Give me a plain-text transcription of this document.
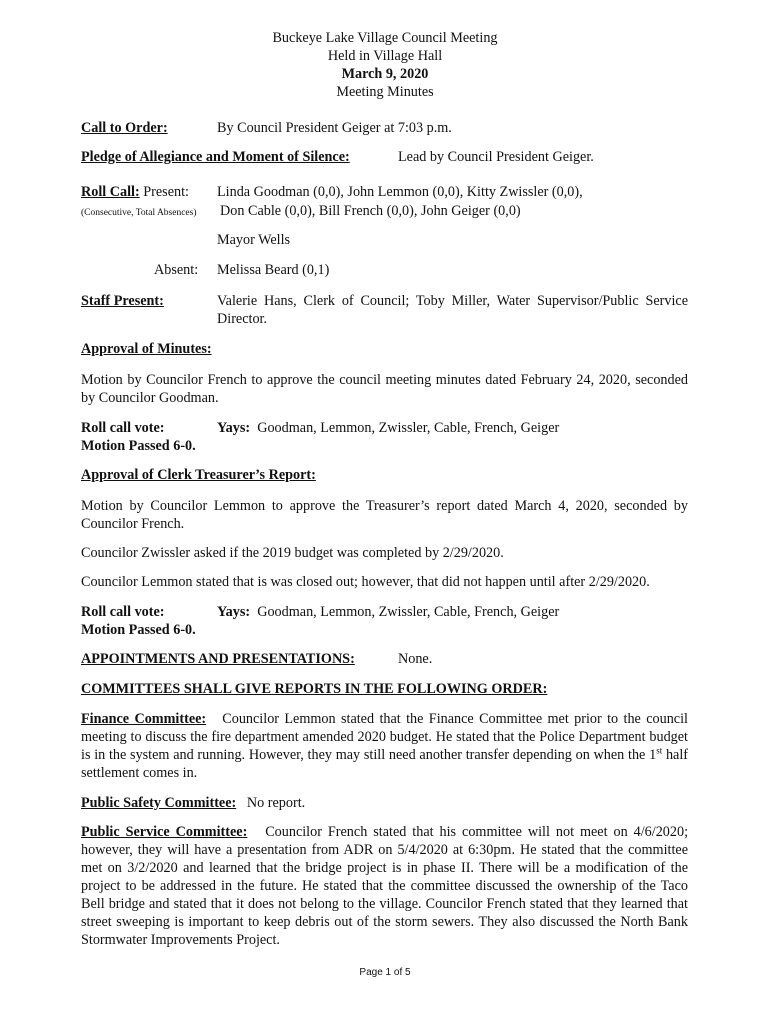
Buckeye Lake Village Council Meeting
Held in Village Hall
March 9, 2020
Meeting Minutes
Call to Order:	By Council President Geiger at 7:03 p.m.
Pledge of Allegiance and Moment of Silence:	Lead by Council President Geiger.
Roll Call: Present: Linda Goodman (0,0), John Lemmon (0,0), Kitty Zwissler (0,0),
(Consecutive, Total Absences) Don Cable (0,0), Bill French (0,0), John Geiger (0,0)
Mayor Wells
Absent: Melissa Beard (0,1)
Staff Present:	Valerie Hans, Clerk of Council; Toby Miller, Water Supervisor/Public Service Director.
Approval of Minutes:
Motion by Councilor French to approve the council meeting minutes dated February 24, 2020, seconded by Councilor Goodman.
Roll call vote:	Yays: Goodman, Lemmon, Zwissler, Cable, French, Geiger
Motion Passed 6-0.
Approval of Clerk Treasurer’s Report:
Motion by Councilor Lemmon to approve the Treasurer’s report dated March 4, 2020, seconded by Councilor French.
Councilor Zwissler asked if the 2019 budget was completed by 2/29/2020.
Councilor Lemmon stated that is was closed out; however, that did not happen until after 2/29/2020.
Roll call vote:	Yays: Goodman, Lemmon, Zwissler, Cable, French, Geiger
Motion Passed 6-0.
APPOINTMENTS AND PRESENTATIONS:	None.
COMMITTEES SHALL GIVE REPORTS IN THE FOLLOWING ORDER:
Finance Committee: Councilor Lemmon stated that the Finance Committee met prior to the council meeting to discuss the fire department amended 2020 budget. He stated that the Police Department budget is in the system and running. However, they may still need another transfer depending on when the 1st half settlement comes in.
Public Safety Committee: No report.
Public Service Committee: Councilor French stated that his committee will not meet on 4/6/2020; however, they will have a presentation from ADR on 5/4/2020 at 6:30pm. He stated that the committee met on 3/2/2020 and learned that the bridge project is in phase II. There will be a modification of the project to be addressed in the future. He stated that the committee discussed the ownership of the Taco Bell bridge and stated that it does not belong to the village. Councilor French stated that they learned that street sweeping is important to keep debris out of the storm sewers. They also discussed the North Bank Stormwater Improvements Project.
Page 1 of 5
